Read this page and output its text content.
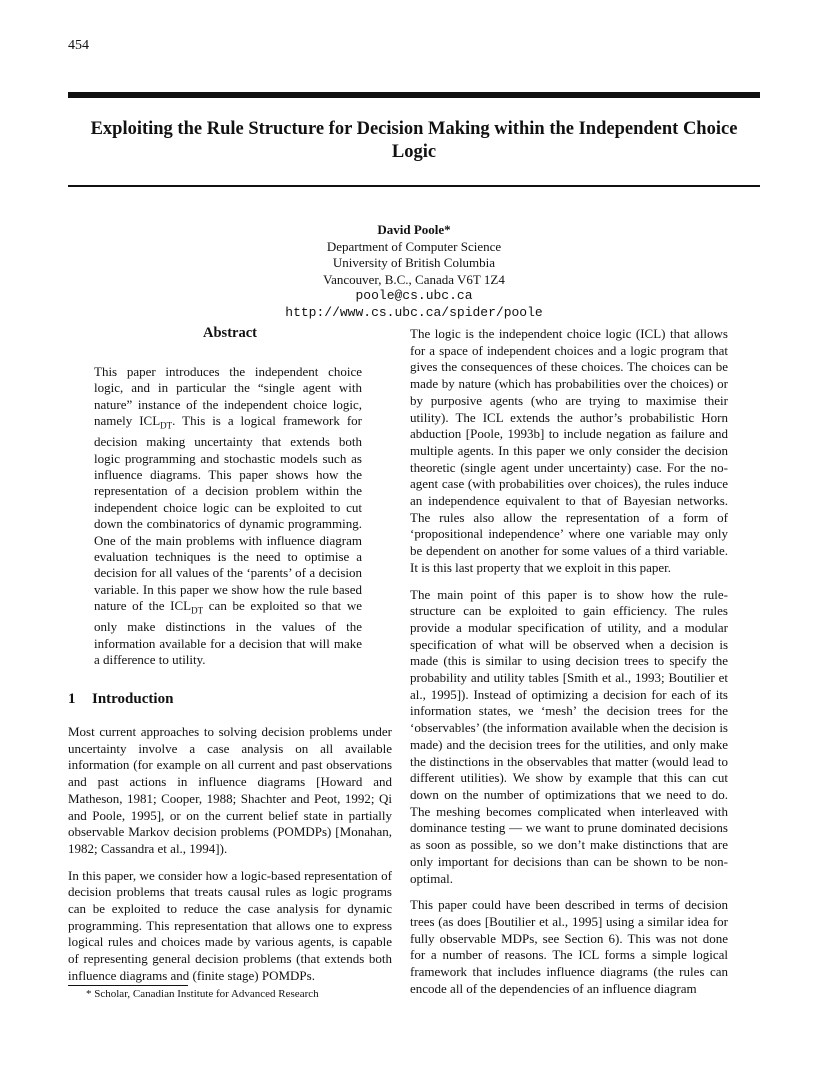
454
Exploiting the Rule Structure for Decision Making within the Independent Choice Logic
David Poole*
Department of Computer Science
University of British Columbia
Vancouver, B.C., Canada V6T 1Z4
poole@cs.ubc.ca
http://www.cs.ubc.ca/spider/poole
Abstract
This paper introduces the independent choice logic, and in particular the “single agent with nature” instance of the independent choice logic, namely $ICL_{DT}$. This is a logical framework for decision making uncertainty that extends both logic programming and stochastic models such as influence diagrams. This paper shows how the representation of a decision problem within the independent choice logic can be exploited to cut down the combinatorics of dynamic programming. One of the main problems with influence diagram evaluation techniques is the need to optimise a decision for all values of the ‘parents’ of a decision variable. In this paper we show how the rule based nature of the $ICL_{DT}$ can be exploited so that we only make distinctions in the values of the information available for a decision that will make a difference to utility.
1 Introduction

Most current approaches to solving decision problems under uncertainty involve a case analysis on all available information (for example on all current and past observations and past actions in influence diagrams [Howard and Matheson, 1981; Cooper, 1988; Shachter and Peot, 1992; Qi and Poole, 1995], or on the current belief state in partially observable Markov decision problems (POMDPs) [Monahan, 1982; Cassandra et al., 1994]).

In this paper, we consider how a logic-based representation of decision problems that treats causal rules as logic programs can be exploited to reduce the case analysis for dynamic programming. This representation that allows one to express logical rules and choices made by various agents, is capable of representing general decision problems (that extends both influence diagrams and (finite stage) POMDPs.

The logic is the independent choice logic (ICL) that allows for a space of independent choices and a logic program that gives the consequences of these choices. The choices can be made by nature (which has probabilities over the choices) or by purposive agents (who are trying to maximise their utility). The ICL extends the author’s probabilistic Horn abduction [Poole, 1993b] to include negation as failure and multiple agents. In this paper we only consider the decision theoretic (single agent under uncertainty) case. For the no-agent case (with probabilities over choices), the rules induce an independence equivalent to that of Bayesian networks. The rules also allow the representation of a form of ‘propositional independence’ where one variable may only be dependent on another for some values of a third variable. It is this last property that we exploit in this paper.

The main point of this paper is to show how the rule-structure can be exploited to gain efficiency. The rules provide a modular specification of utility, and a modular specification of what will be observed when a decision is made (this is similar to using decision trees to specify the probability and utility tables [Smith et al., 1993; Boutilier et al., 1995]). Instead of optimizing a decision for each of its information states, we ‘mesh’ the decision trees for the ‘observables’ (the information available when the decision is made) and the decision trees for the utilities, and only make the distinctions in the observables that matter (would lead to different utilities). We show by example that this can cut down on the number of optimizations that we need to do. The meshing becomes complicated when interleaved with dominance testing — we want to prune dominated decisions as soon as possible, so we don’t make distinctions that are only important for decisions than can be shown to be non-optimal.

This paper could have been described in terms of decision trees (as does [Boutilier et al., 1995] using a similar idea for fully observable MDPs, see Section 6). This was not done for a number of reasons. The ICL forms a simple logical framework that includes influence diagrams (the rules can encode all of the dependencies of an influence diagram

* Scholar, Canadian Institute for Advanced Research
